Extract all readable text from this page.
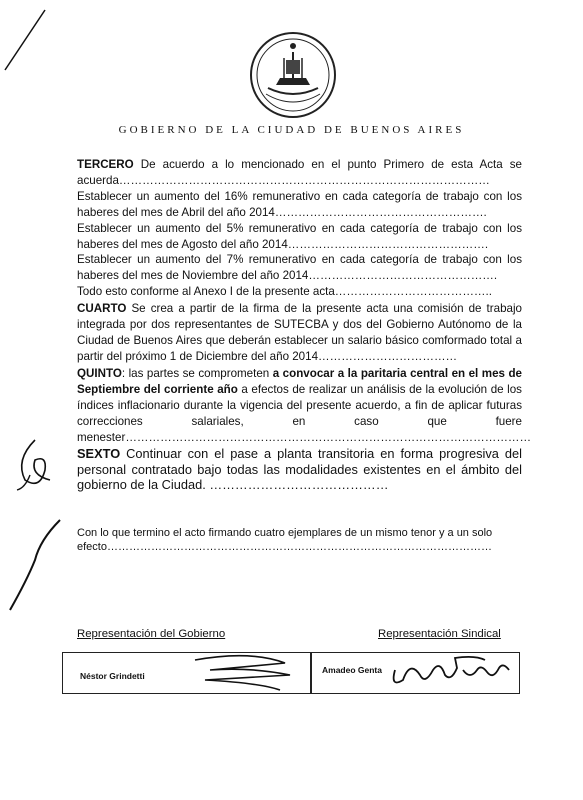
GOBIERNO DE LA CIUDAD DE BUENOS AIRES

TERCERO De acuerdo a lo mencionado en el punto Primero de esta Acta se acuerda……………………………………………………………………………………

Establecer un aumento del 16% remunerativo en cada categoría de trabajo con los haberes del mes de Abril del año 2014……………………………………………….

Establecer un aumento del 5% remunerativo en cada categoría de trabajo con los haberes del mes de Agosto del año 2014…………………………………………….

Establecer un aumento del 7% remunerativo en cada categoría de trabajo con los haberes del mes de Noviembre del año 2014………………………………………….

Todo esto conforme al Anexo I de la presente acta…………………………………..

CUARTO Se crea a partir de la firma de la presente acta una comisión de trabajo integrada por dos representantes de SUTECBA y dos del Gobierno Autónomo de la Ciudad de Buenos Aires que deberán establecer un salario básico comformado total a partir del próximo 1 de Diciembre del año 2014………………………………

QUINTO: las partes se comprometen a convocar a la paritaria central en el mes de Septiembre del corriente año a efectos de realizar un análisis de la evolución de los índices inflacionario durante la vigencia del presente acuerdo, a fin de aplicar futuras correcciones salariales, en caso que fuere menester……………………………………………………………………………………………

SEXTO Continuar con el pase a planta transitoria en forma progresiva del personal contratado bajo todas las modalidades existentes en el ámbito del gobierno de la Ciudad. ……………………………………

Con lo que termino el acto firmando cuatro ejemplares de un mismo tenor y a un solo efecto……………………………………………………………………………………………
Representación del Gobierno	Representación Sindical
Néstor Grindetti
Amadeo Genta
